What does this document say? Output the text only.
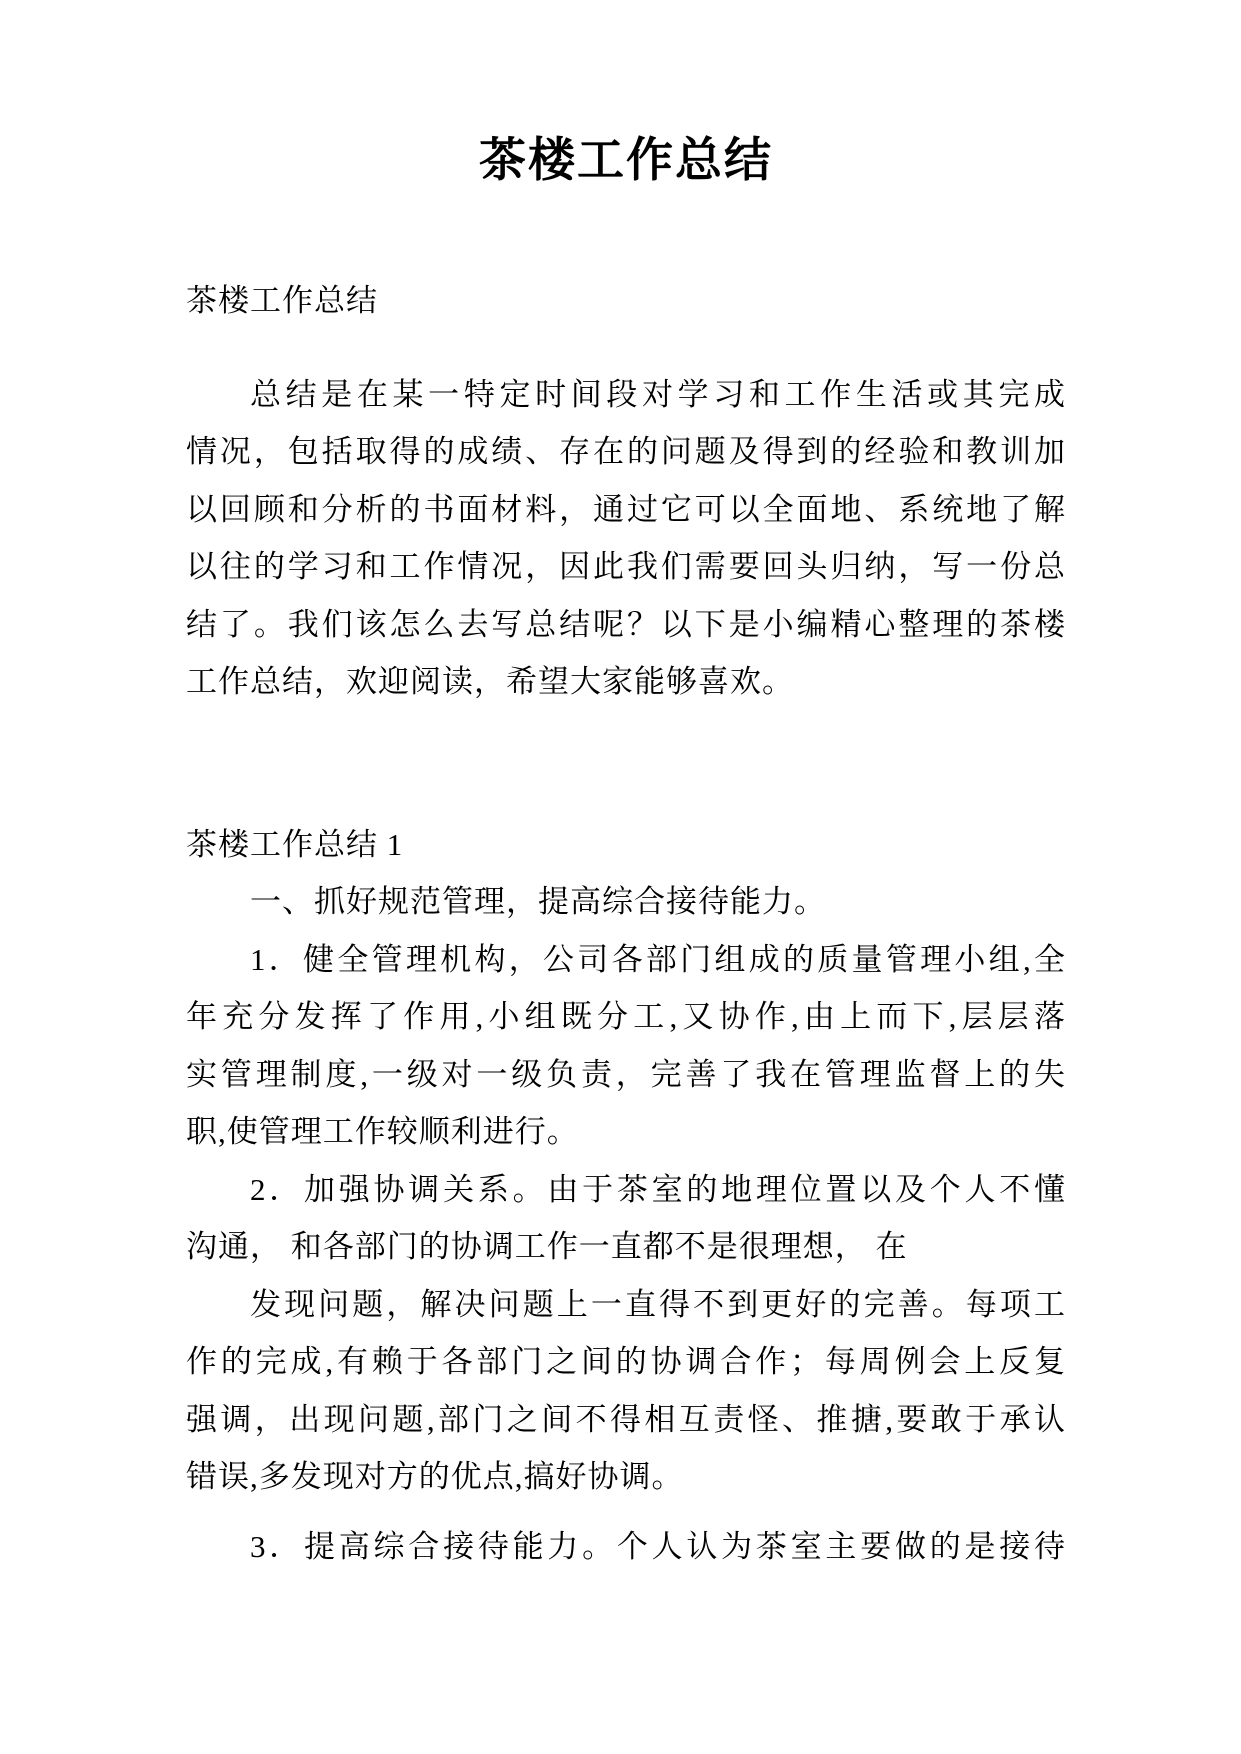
茶楼工作总结
茶楼工作总结
总结是在某一特定时间段对学习和工作生活或其完成
情况，包括取得的成绩、存在的问题及得到的经验和教训加
以回顾和分析的书面材料，通过它可以全面地、系统地了解
以往的学习和工作情况，因此我们需要回头归纳，写一份总
结了。我们该怎么去写总结呢？以下是小编精心整理的茶楼
工作总结，欢迎阅读，希望大家能够喜欢。
茶楼工作总结 1
一、抓好规范管理，提高综合接待能力。
1．健全管理机构，公司各部门组成的质量管理小组,全
年充分发挥了作用,小组既分工,又协作,由上而下,层层落
实管理制度,一级对一级负责，完善了我在管理监督上的失
职,使管理工作较顺利进行。
2．加强协调关系。由于茶室的地理位置以及个人不懂
沟通， 和各部门的协调工作一直都不是很理想， 在
发现问题，解决问题上一直得不到更好的完善。每项工
作的完成,有赖于各部门之间的协调合作；每周例会上反复
强调，出现问题,部门之间不得相互责怪、推搪,要敢于承认
错误,多发现对方的优点,搞好协调。
3．提高综合接待能力。个人认为茶室主要做的是接待
